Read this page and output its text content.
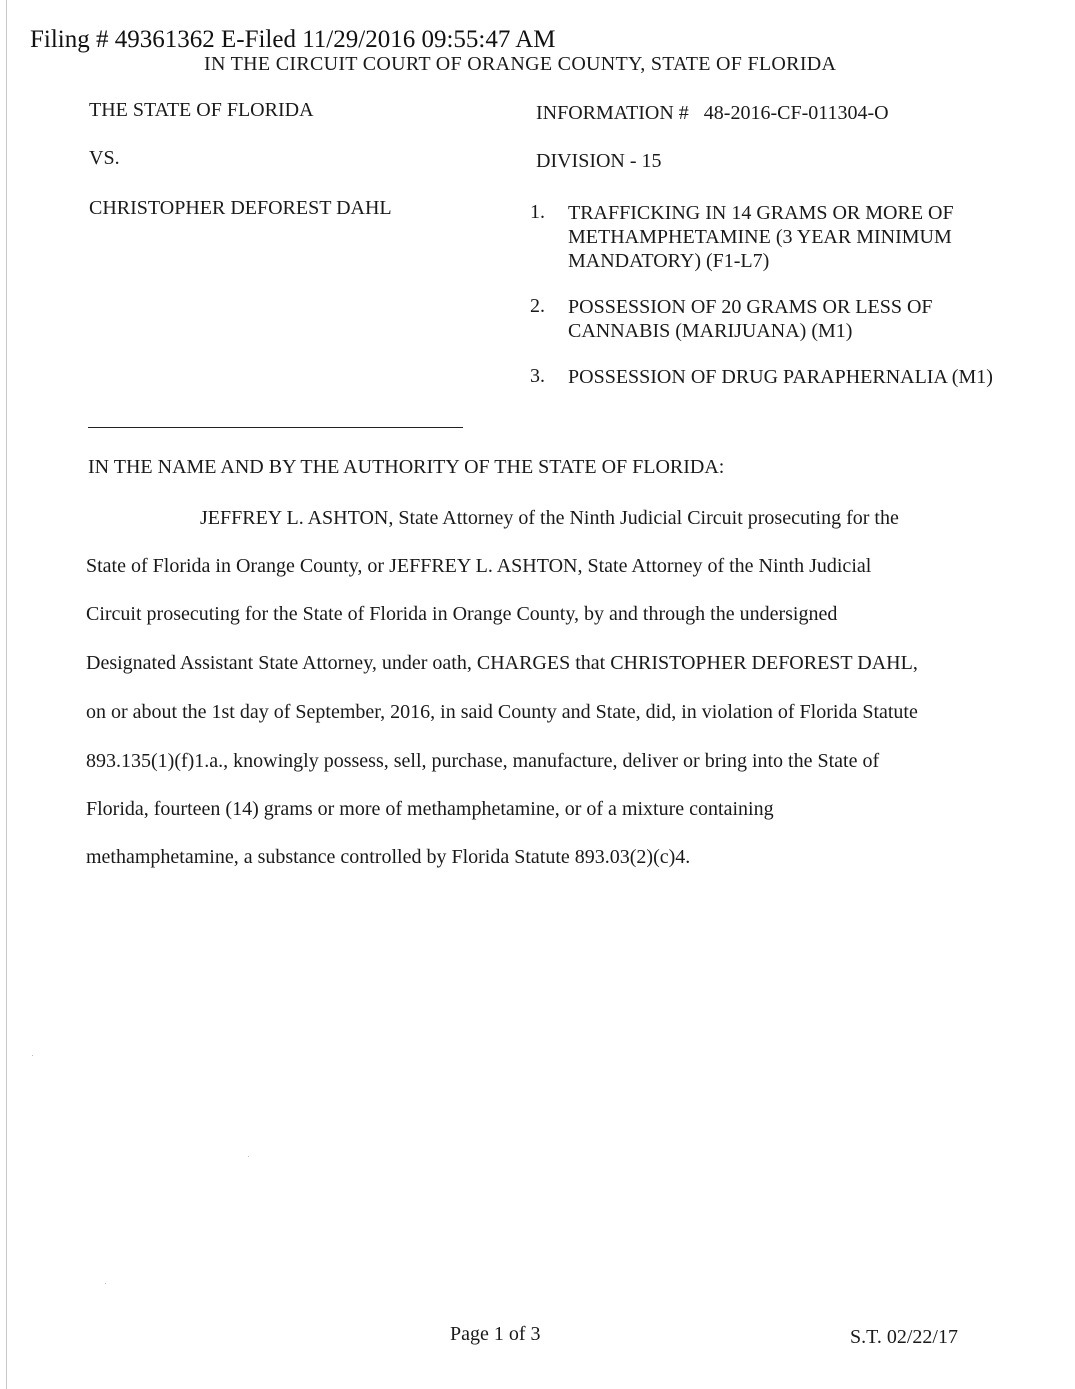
Filing # 49361362 E-Filed 11/29/2016 09:55:47 AM
IN THE CIRCUIT COURT OF ORANGE COUNTY, STATE OF FLORIDA
THE STATE OF FLORIDA
VS.
CHRISTOPHER DEFOREST DAHL
INFORMATION # 48-2016-CF-011304-O
DIVISION - 15
1. TRAFFICKING IN 14 GRAMS OR MORE OF
METHAMPHETAMINE (3 YEAR MINIMUM
MANDATORY) (F1-L7)
2. POSSESSION OF 20 GRAMS OR LESS OF
CANNABIS (MARIJUANA) (M1)
3. POSSESSION OF DRUG PARAPHERNALIA (M1)
IN THE NAME AND BY THE AUTHORITY OF THE STATE OF FLORIDA:
JEFFREY L. ASHTON, State Attorney of the Ninth Judicial Circuit prosecuting for the
State of Florida in Orange County, or JEFFREY L. ASHTON, State Attorney of the Ninth Judicial
Circuit prosecuting for the State of Florida in Orange County, by and through the undersigned
Designated Assistant State Attorney, under oath, CHARGES that CHRISTOPHER DEFOREST DAHL,
on or about the 1st day of September, 2016, in said County and State, did, in violation of Florida Statute
893.135(1)(f)1.a., knowingly possess, sell, purchase, manufacture, deliver or bring into the State of
Florida, fourteen (14) grams or more of methamphetamine, or of a mixture containing
methamphetamine, a substance controlled by Florida Statute 893.03(2)(c)4.
Page 1 of 3	S.T. 02/22/17
